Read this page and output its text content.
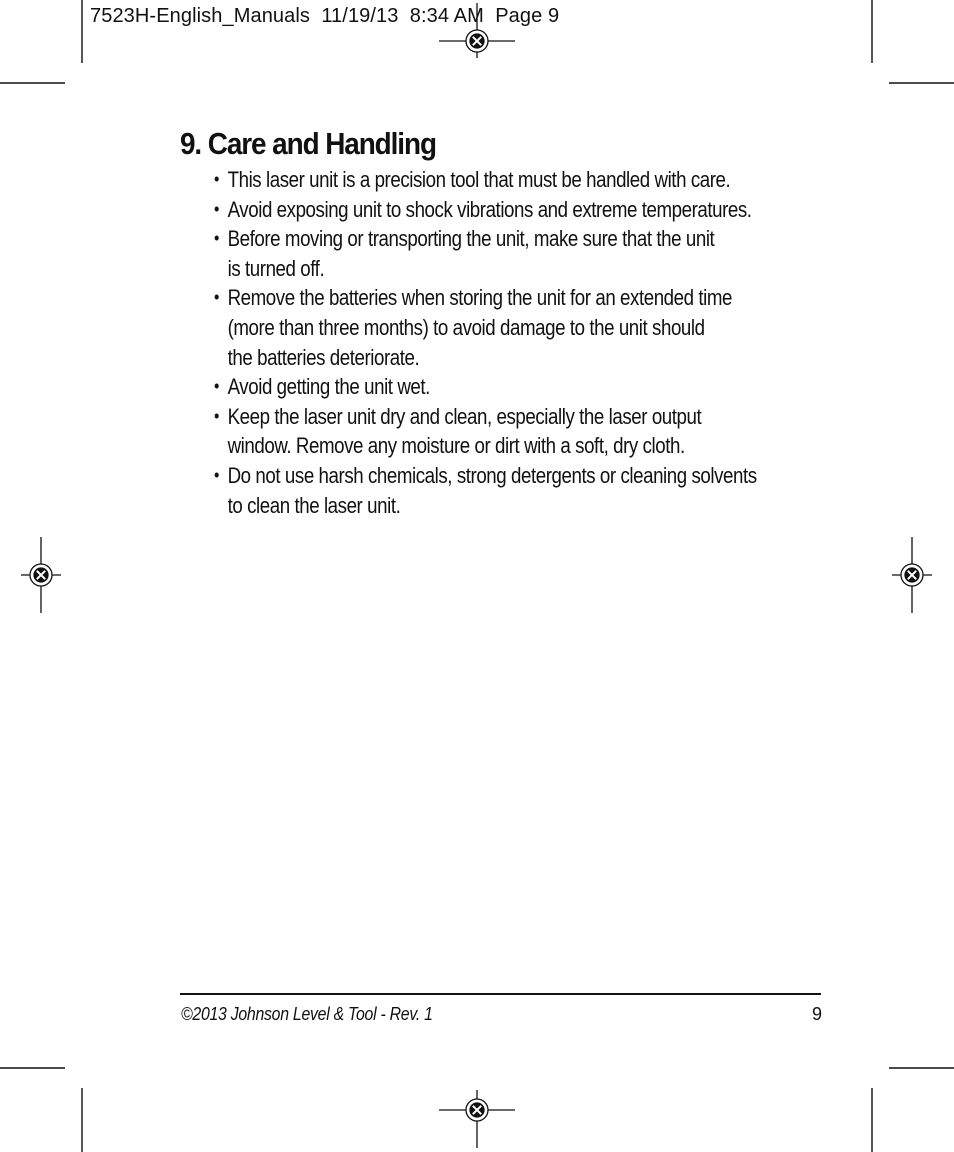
7523H-English_Manuals  11/19/13  8:34 AM  Page 9
9. Care and Handling
• This laser unit is a precision tool that must be handled with care.
• Avoid exposing unit to shock vibrations and extreme temperatures.
• Before moving or transporting the unit, make sure that the unit
is turned off.
• Remove the batteries when storing the unit for an extended time
(more than three months) to avoid damage to the unit should
the batteries deteriorate.
• Avoid getting the unit wet.
• Keep the laser unit dry and clean, especially the laser output
window. Remove any moisture or dirt with a soft, dry cloth.
• Do not use harsh chemicals, strong detergents or cleaning solvents
to clean the laser unit.
©2013 Johnson Level & Tool - Rev. 1	9
